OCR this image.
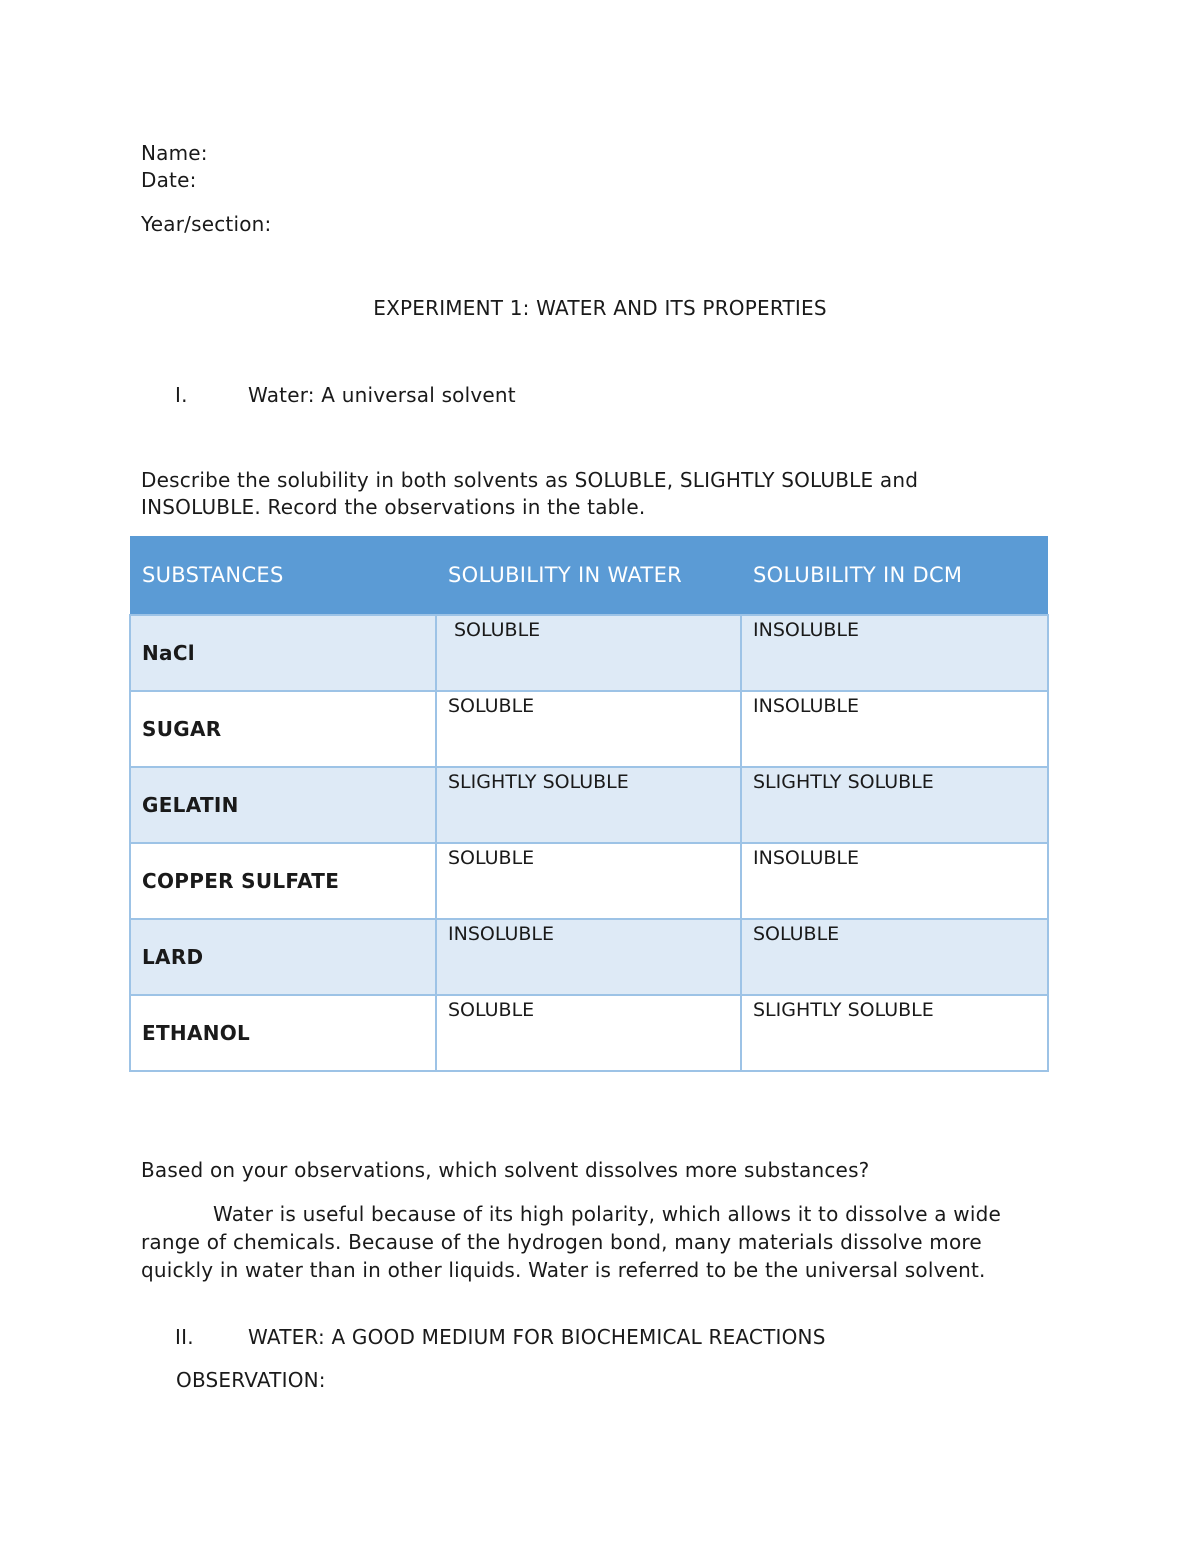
Name:
Date:
Year/section:
EXPERIMENT 1: WATER AND ITS PROPERTIES
I.	Water: A universal solvent
Describe the solubility in both solvents as SOLUBLE, SLIGHTLY SOLUBLE and INSOLUBLE. Record the observations in the table.
SUBSTANCES	SOLUBILITY IN WATER	SOLUBILITY IN DCM
NaCl	SOLUBLE	INSOLUBLE

SUGAR	SOLUBLE	INSOLUBLE

GELATIN	SLIGHTLY SOLUBLE	SLIGHTLY SOLUBLE

COPPER SULFATE	SOLUBLE	INSOLUBLE

LARD	INSOLUBLE	SOLUBLE

ETHANOL	SOLUBLE	SLIGHTLY SOLUBLE
Based on your observations, which solvent dissolves more substances?
Water is useful because of its high polarity, which allows it to dissolve a wide range of chemicals. Because of the hydrogen bond, many materials dissolve more quickly in water than in other liquids. Water is referred to be the universal solvent.
II.	WATER: A GOOD MEDIUM FOR BIOCHEMICAL REACTIONS
OBSERVATION:
